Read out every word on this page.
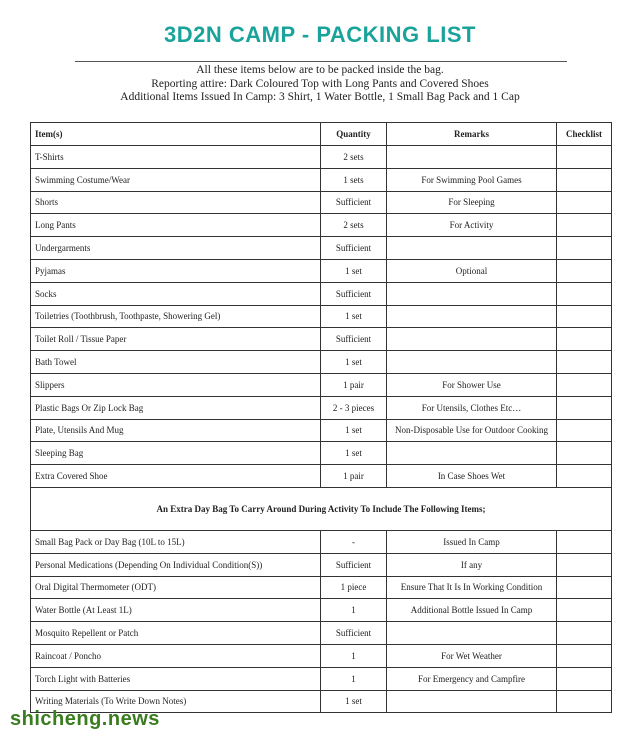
3D2N CAMP - PACKING LIST
All these items below are to be packed inside the bag.
Reporting attire: Dark Coloured Top with Long Pants and Covered Shoes
Additional Items Issued In Camp: 3 Shirt, 1 Water Bottle, 1 Small Bag Pack and 1 Cap
Item(s)	Quantity	Remarks	Checklist
T-Shirts	2 sets		
Swimming Costume/Wear	1 sets	For Swimming Pool Games	
Shorts	Sufficient	For Sleeping	
Long Pants	2 sets	For Activity	
Undergarments	Sufficient		
Pyjamas	1 set	Optional	
Socks	Sufficient		
Toiletries (Toothbrush, Toothpaste, Showering Gel)	1 set		
Toilet Roll / Tissue Paper	Sufficient		
Bath Towel	1 set		
Slippers	1 pair	For Shower Use	
Plastic Bags Or Zip Lock Bag	2 - 3 pieces	For Utensils, Clothes Etc…	
Plate, Utensils And Mug	1 set	Non-Disposable Use for Outdoor Cooking	
Sleeping Bag	1 set		
Extra Covered Shoe	1 pair	In Case Shoes Wet	
An Extra Day Bag To Carry Around During Activity To Include The Following Items;			
Small Bag Pack or Day Bag (10L to 15L)	-	Issued In Camp	
Personal Medications (Depending On Individual Condition(S))	Sufficient	If any	
Oral Digital Thermometer (ODT)	1 piece	Ensure That It Is In Working Condition	
Water Bottle (At Least 1L)	1	Additional Bottle Issued In Camp	
Mosquito Repellent or Patch	Sufficient		
Raincoat / Poncho	1	For Wet Weather	
Torch Light with Batteries	1	For Emergency and Campfire	
Writing Materials (To Write Down Notes)	1 set		
shicheng.news
